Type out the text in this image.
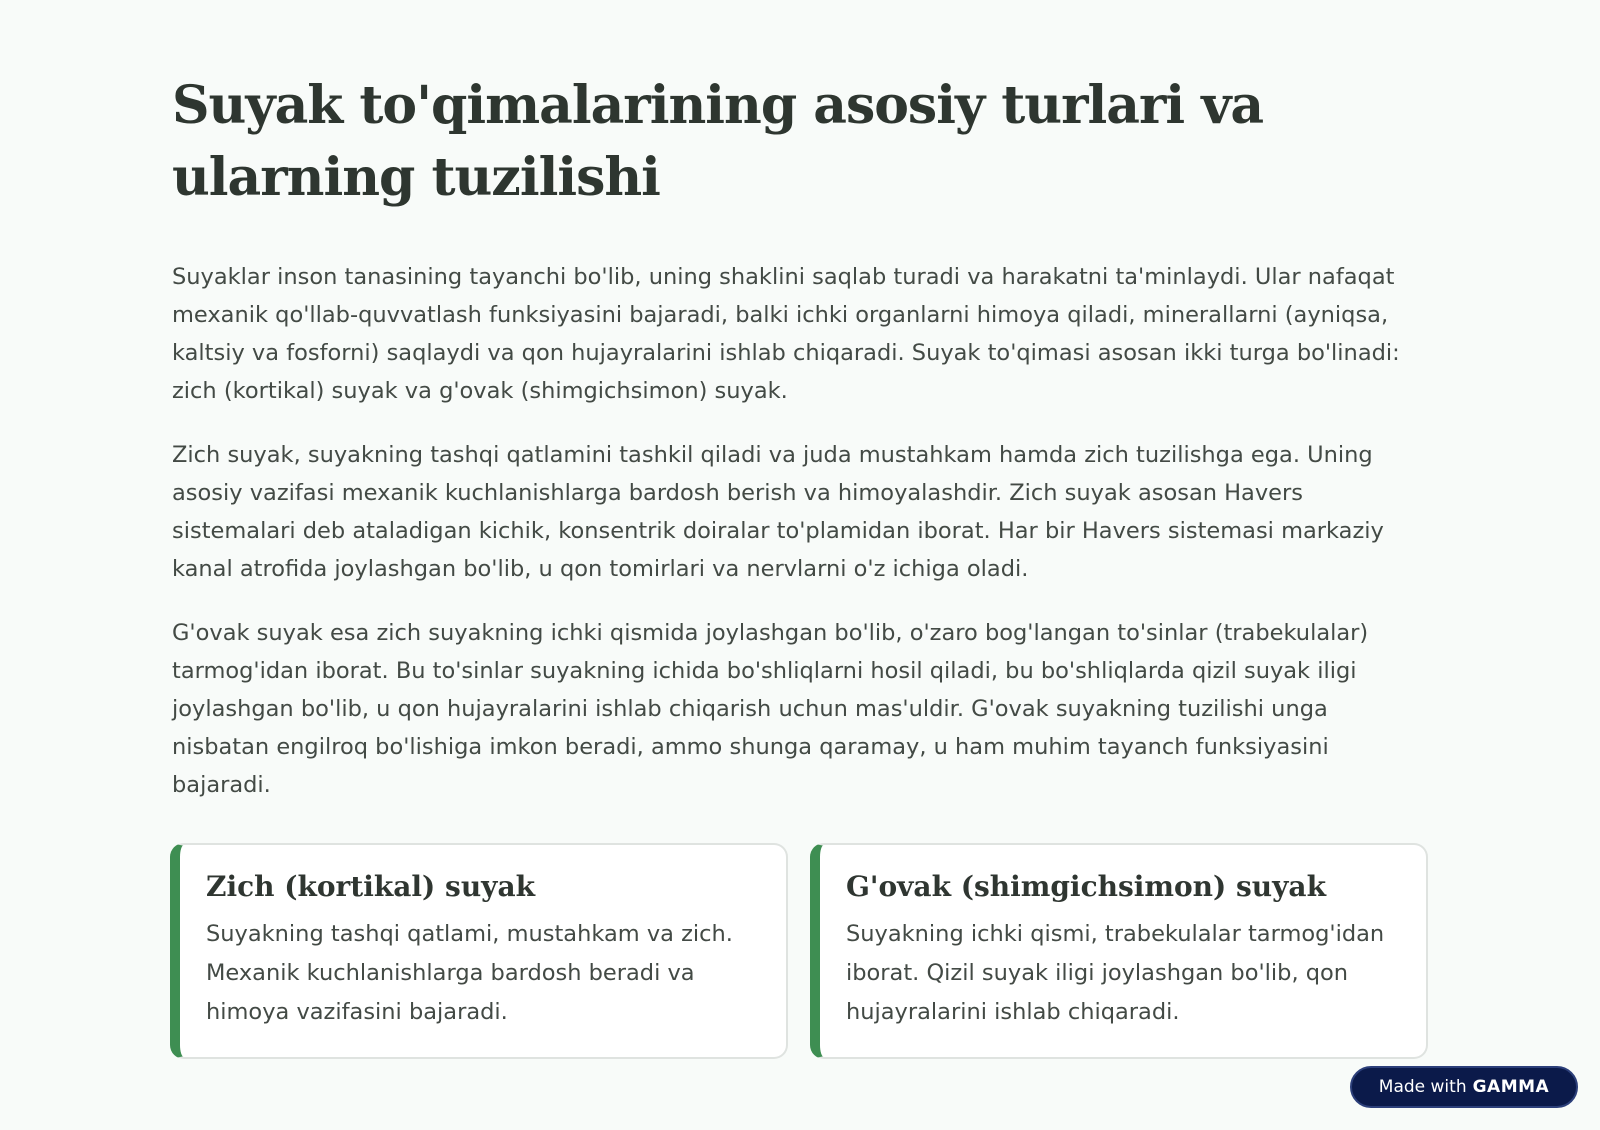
Suyak to'qimalarining asosiy turlari va ularning tuzilishi

Suyaklar inson tanasining tayanchi bo'lib, uning shaklini saqlab turadi va harakatni ta'minlaydi. Ular nafaqat mexanik qo'llab-quvvatlash funksiyasini bajaradi, balki ichki organlarni himoya qiladi, minerallarni (ayniqsa, kaltsiy va fosforni) saqlaydi va qon hujayralarini ishlab chiqaradi. Suyak to'qimasi asosan ikki turga bo'linadi: zich (kortikal) suyak va g'ovak (shimgichsimon) suyak.

Zich suyak, suyakning tashqi qatlamini tashkil qiladi va juda mustahkam hamda zich tuzilishga ega. Uning asosiy vazifasi mexanik kuchlanishlarga bardosh berish va himoyalashdir. Zich suyak asosan Havers sistemalari deb ataladigan kichik, konsentrik doiralar to'plamidan iborat. Har bir Havers sistemasi markaziy kanal atrofida joylashgan bo'lib, u qon tomirlari va nervlarni o'z ichiga oladi.

G'ovak suyak esa zich suyakning ichki qismida joylashgan bo'lib, o'zaro bog'langan to'sinlar (trabekulalar) tarmog'idan iborat. Bu to'sinlar suyakning ichida bo'shliqlarni hosil qiladi, bu bo'shliqlarda qizil suyak iligi joylashgan bo'lib, u qon hujayralarini ishlab chiqarish uchun mas'uldir. G'ovak suyakning tuzilishi unga nisbatan engilroq bo'lishiga imkon beradi, ammo shunga qaramay, u ham muhim tayanch funksiyasini bajaradi.

Zich (kortikal) suyak

Suyakning tashqi qatlami, mustahkam va zich. Mexanik kuchlanishlarga bardosh beradi va himoya vazifasini bajaradi.

G'ovak (shimgichsimon) suyak

Suyakning ichki qismi, trabekulalar tarmog'idan iborat. Qizil suyak iligi joylashgan bo'lib, qon hujayralarini ishlab chiqaradi.

Made with GAMMA
